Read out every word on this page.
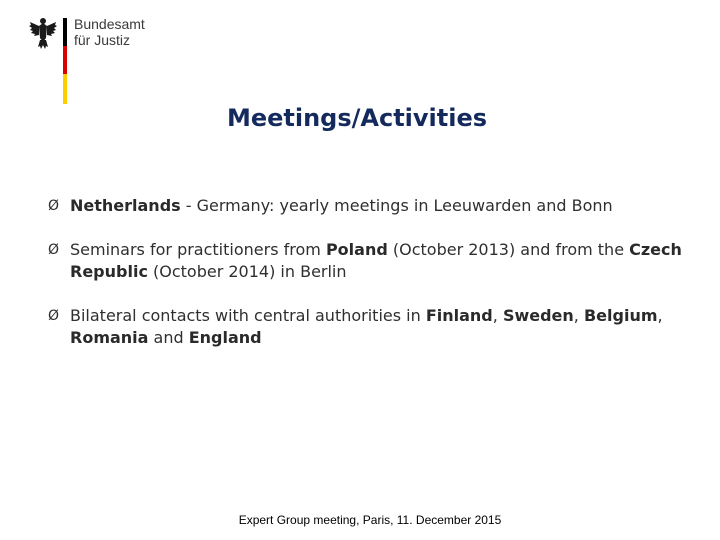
Bundesamt
für Justiz
Meetings/Activities
Ø Netherlands - Germany: yearly meetings in Leeuwarden and Bonn
Ø Seminars for practitioners from Poland (October 2013) and from the Czech Republic (October 2014) in Berlin
Ø Bilateral contacts with central authorities in Finland, Sweden, Belgium, Romania and England
Expert Group meeting, Paris, 11. December 2015
